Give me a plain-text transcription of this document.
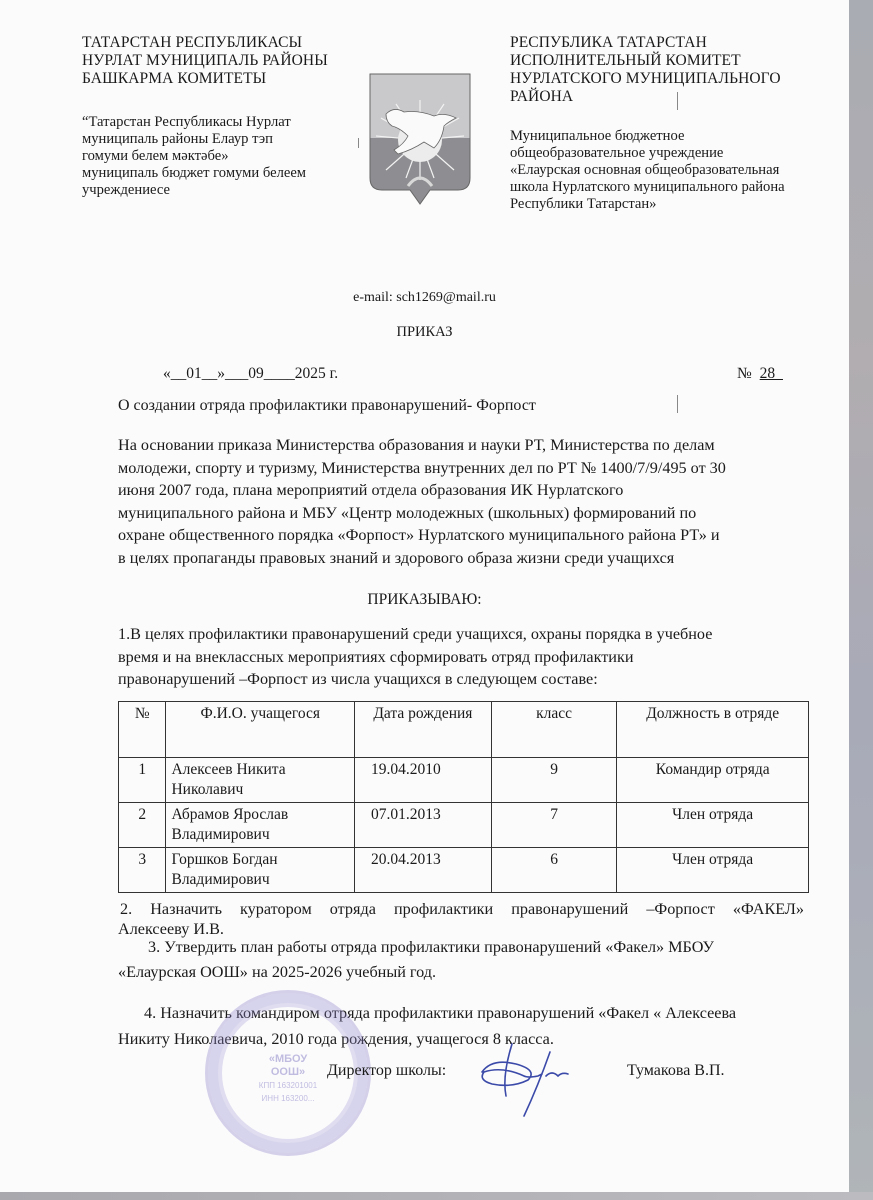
ТАТАРСТАН РЕСПУБЛИКАСЫ
НУРЛАТ МУНИЦИПАЛЬ РАЙОНЫ
БАШКАРМА КОМИТЕТЫ
“Татарстан Республикасы Нурлат
муниципаль районы Елаур тэп
гомуми белем мәктәбе»
муниципаль бюджет гомуми белеем
учреждениесе
РЕСПУБЛИКА ТАТАРСТАН
ИСПОЛНИТЕЛЬНЫЙ КОМИТЕТ
НУРЛАТСКОГО МУНИЦИПАЛЬНОГО
РАЙОНА
Муниципальное бюджетное
общеобразовательное учреждение
«Елаурская основная общеобразовательная
школа Нурлатского муниципального района
Республики Татарстан»
e-mail: sch1269@mail.ru
ПРИКАЗ
«__01__»___09____2025 г.	№ 28_
О создании отряда профилактики правонарушений- Форпост
На основании приказа Министерства образования и науки РТ, Министерства по делам
молодежи, спорту и туризму, Министерства внутренних дел по РТ № 1400/7/9/495 от 30
июня 2007 года, плана мероприятий отдела образования ИК Нурлатского
муниципального района и МБУ «Центр молодежных (школьных) формирований по
охране общественного порядка «Форпост» Нурлатского муниципального района РТ» и
в целях пропаганды правовых знаний и здорового образа жизни среди учащихся
ПРИКАЗЫВАЮ:
1.В целях профилактики правонарушений среди учащихся, охраны порядка в учебное
время и на внеклассных мероприятиях сформировать отряд профилактики
правонарушений –Форпост из числа учащихся в следующем составе:
№	Ф.И.О. учащегося	Дата рождения	класс	Должность в отряде
1	Алексеев Никита Николавич	19.04.2010	9	Командир отряда
2	Абрамов Ярослав Владимирович	07.01.2013	7	Член отряда
3	Горшков Богдан Владимирович	20.04.2013	6	Член отряда
2. Назначить куратором отряда профилактики правонарушений –Форпост «ФАКЕЛ»
Алексееву И.В.
3. Утвердить план работы отряда профилактики правонарушений «Факел» МБОУ
«Елаурская ООШ» на 2025-2026 учебный год.
4. Назначить командиром отряда профилактики правонарушений «Факел « Алексеева
Никиту Николаевича, 2010 года рождения, учащегося 8 класса.
«МБОУ
ООШ»
КПП 163201001
ИНН 163200...
Директор школы:	Тумакова В.П.
